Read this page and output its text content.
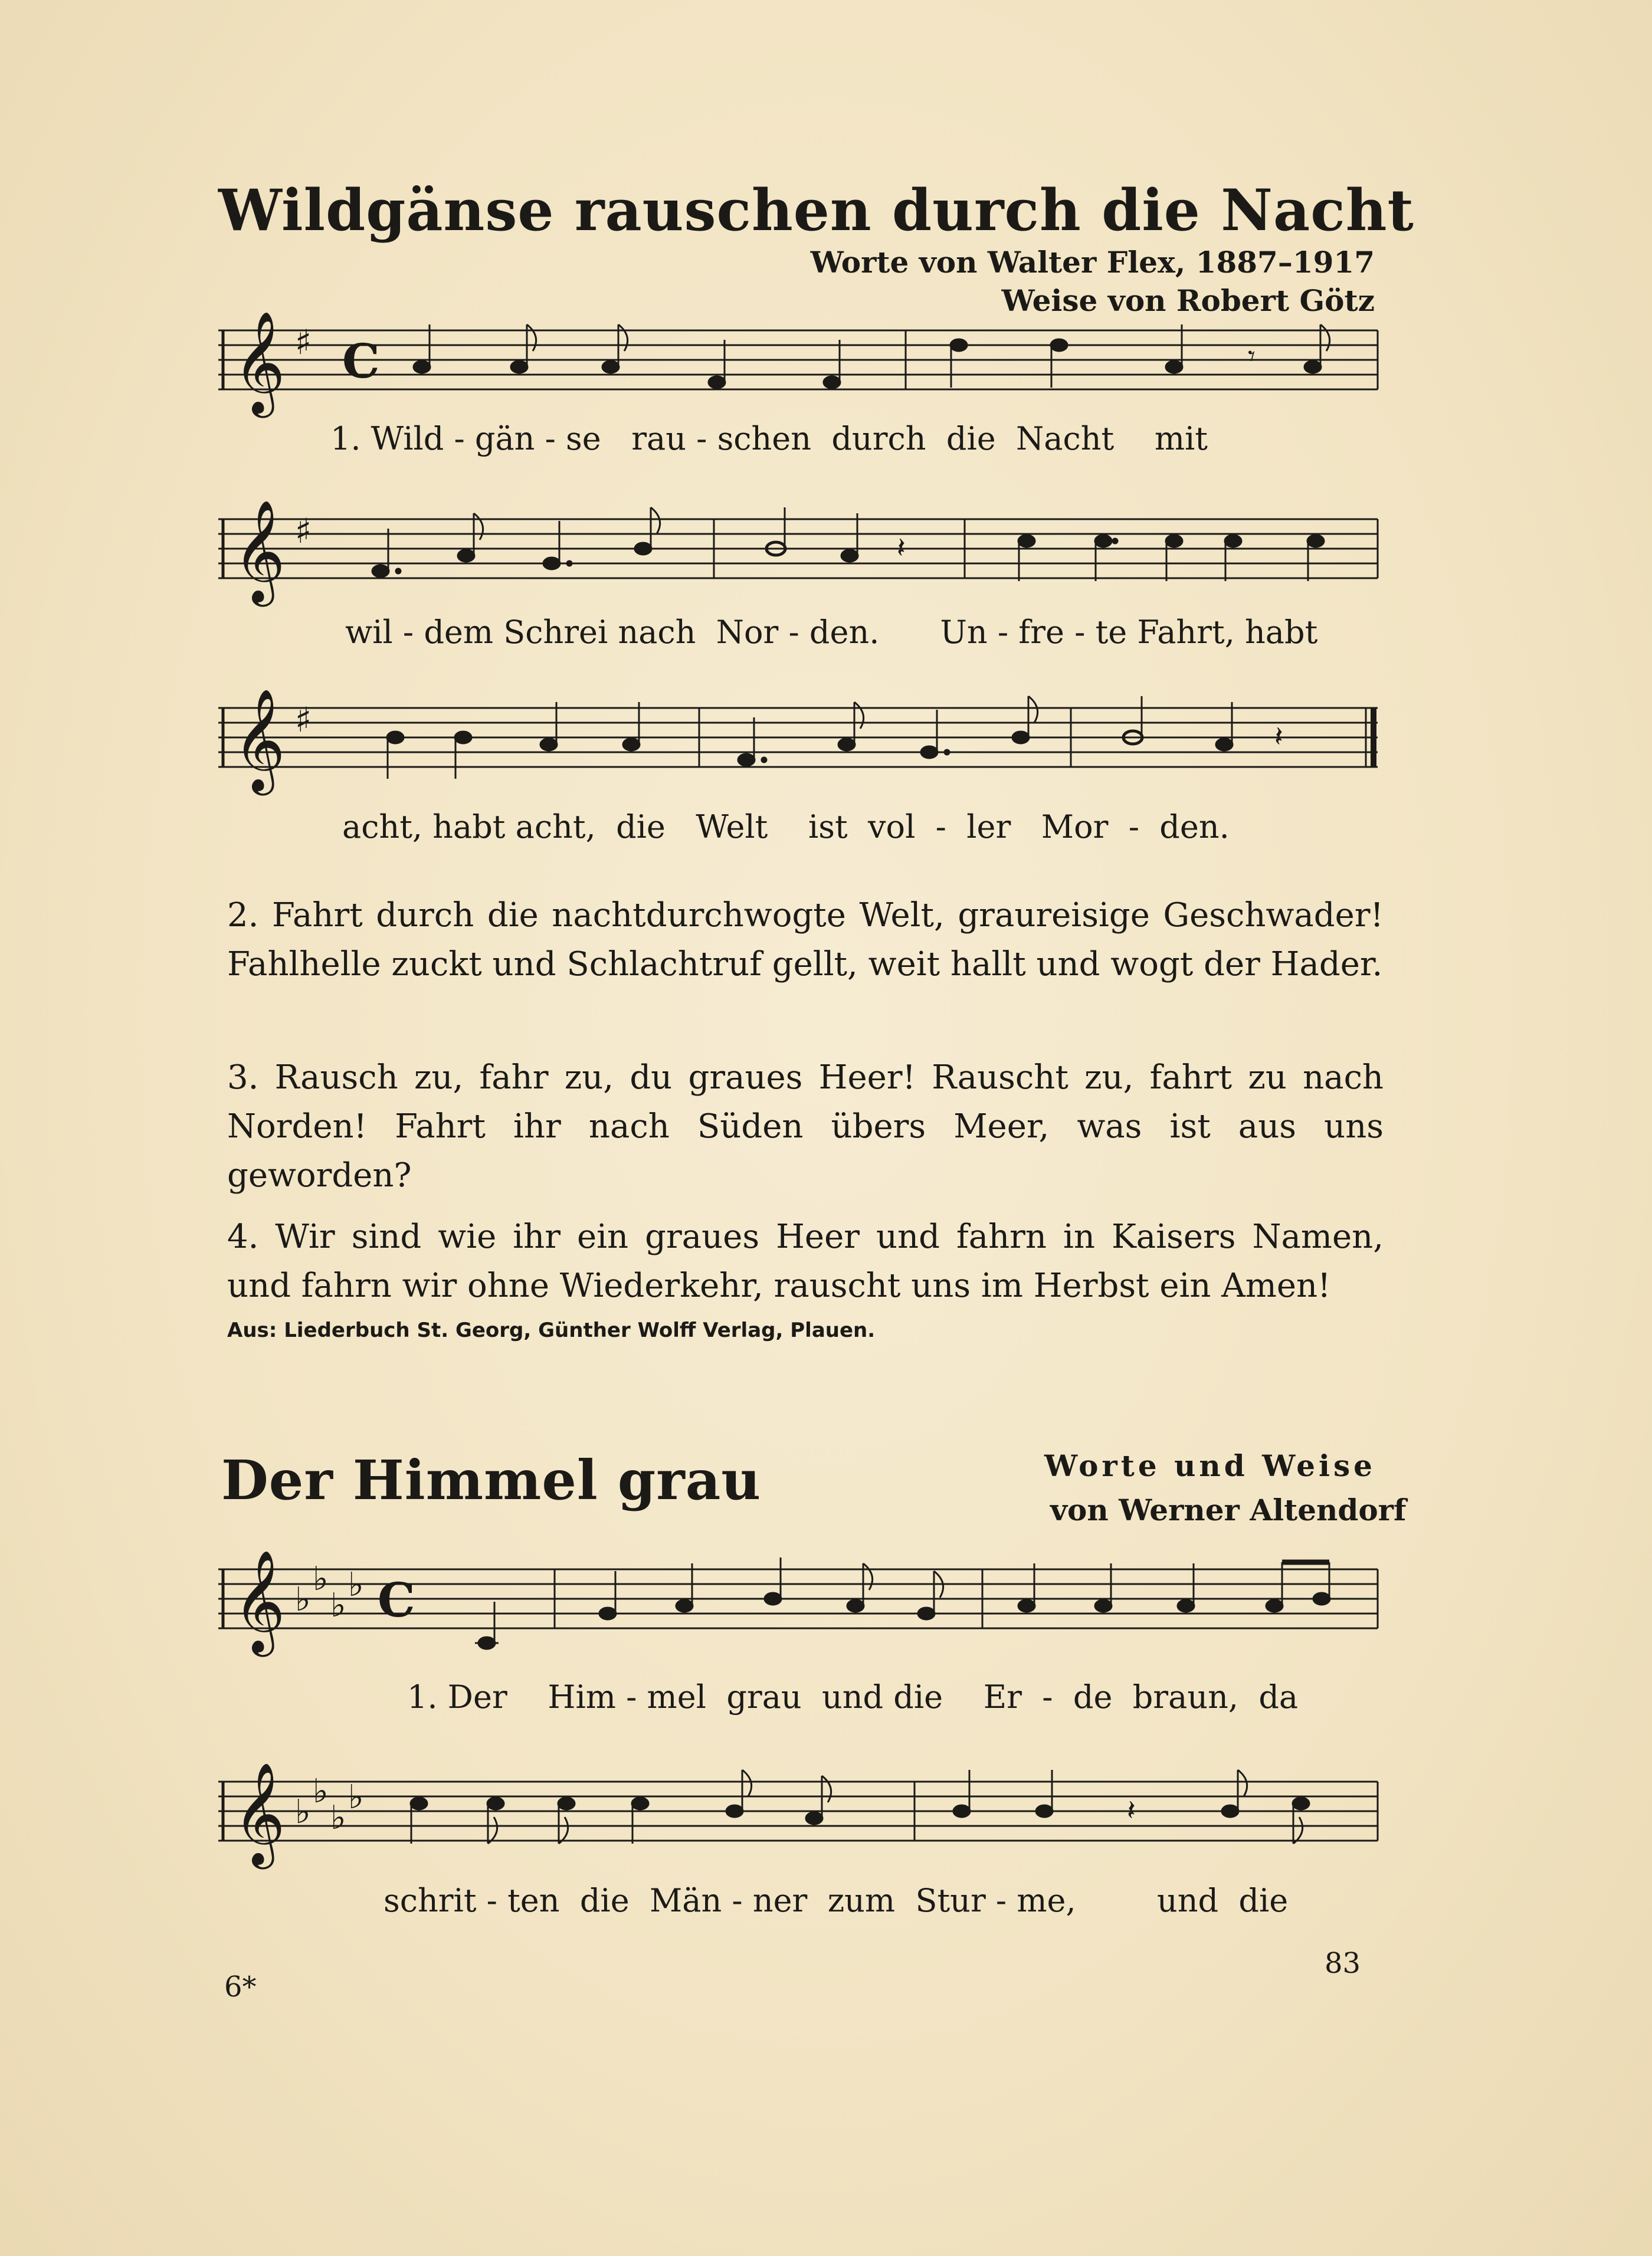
Wildgänse rauschen durch die Nacht
Worte von Walter Flex, 1887–1917
Weise von Robert Götz
𝄞 ♯ C	𝄾
1. Wild - gän - se   rau - schen  durch  die  Nacht    mit
𝄞 ♯	𝄽
wil - dem Schrei nach  Nor - den.      Un - fre - te Fahrt, habt
𝄞 ♯	𝄽
acht, habt acht,  die   Welt    ist  vol  -  ler   Mor  -  den.
2. Fahrt durch die nachtdurchwogte Welt, graureisige Geschwader! Fahlhelle zuckt und Schlachtruf gellt, weit hallt und wogt der Hader.
3. Rausch zu, fahr zu, du graues Heer! Rauscht zu, fahrt zu nach Norden! Fahrt ihr nach Süden übers Meer, was ist aus uns geworden?
4. Wir sind wie ihr ein graues Heer und fahrn in Kaisers Namen, und fahrn wir ohne Wiederkehr, rauscht uns im Herbst ein Amen!
Aus: Liederbuch St. Georg, Günther Wolff Verlag, Plauen.
Der Himmel grau	Worte und Weise
von Werner Altendorf
𝄞 ♭
♭
♭
♭ C
1. Der    Him - mel  grau  und die    Er  -  de  braun,  da
𝄞 ♭
♭
♭
♭	𝄽
schrit - ten  die  Män - ner  zum  Stur - me,        und  die
6*
83
